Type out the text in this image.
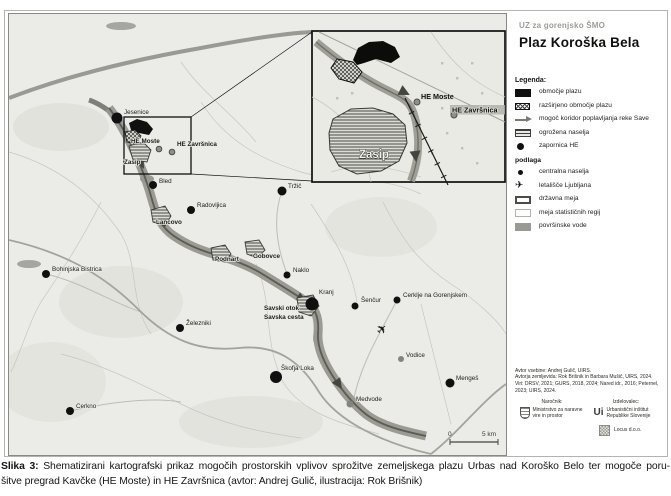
✈
0	5 km
Jesenice
Bled
Radovljica
Tržič
Naklo
Kranj
Šenčur
Cerklje na Gorenjskem
Mengeš
Vodice
Medvode
Škofja Loka
Železniki
Bohinjska Bistrica
Cerkno
HE Moste	HE Završnica
Zasip
Lancovo
Podnart Gobovce
Savski otok
Savska cesta
HE Moste
HE Završnica
Zasip
UZ za gorenjsko ŠMO
Plaz Koroška Bela
Legenda:
območje plazu
razširjeno območje plazu
mogoč koridor poplavljanja reke Save
ogrožena naselja
zapornica HE
podlaga
centralna naselja
✈	letališče Ljubljana
državna meja
meja statističnih regij
površinske vode
Avtor vsebine: Andrej Gulič, UIRS.
Avtorja zemljevida: Rok Brišnik in Barbara Mušič, UIRS, 2024.
Viri: DRSV, 2021; GURS, 2018, 2024; Nared idr., 2016; Peternel, 2023; UIRS, 2024.
Naročnik:
Ministrstvo za naravne vire in prostor
Izdelovalec:
Ui Urbanistični inštitut Republike Slovenije
Locus d.o.o.
Slika 3: Shematizirani kartografski prikaz mogočih prostorskih vplivov sprožitve zemeljskega plazu Urbas nad Koroško Belo ter mogoče poru-
šitve pregrad Kavčke (HE Moste) in HE Završnica (avtor: Andrej Gulič, ilustracija: Rok Brišnik)
